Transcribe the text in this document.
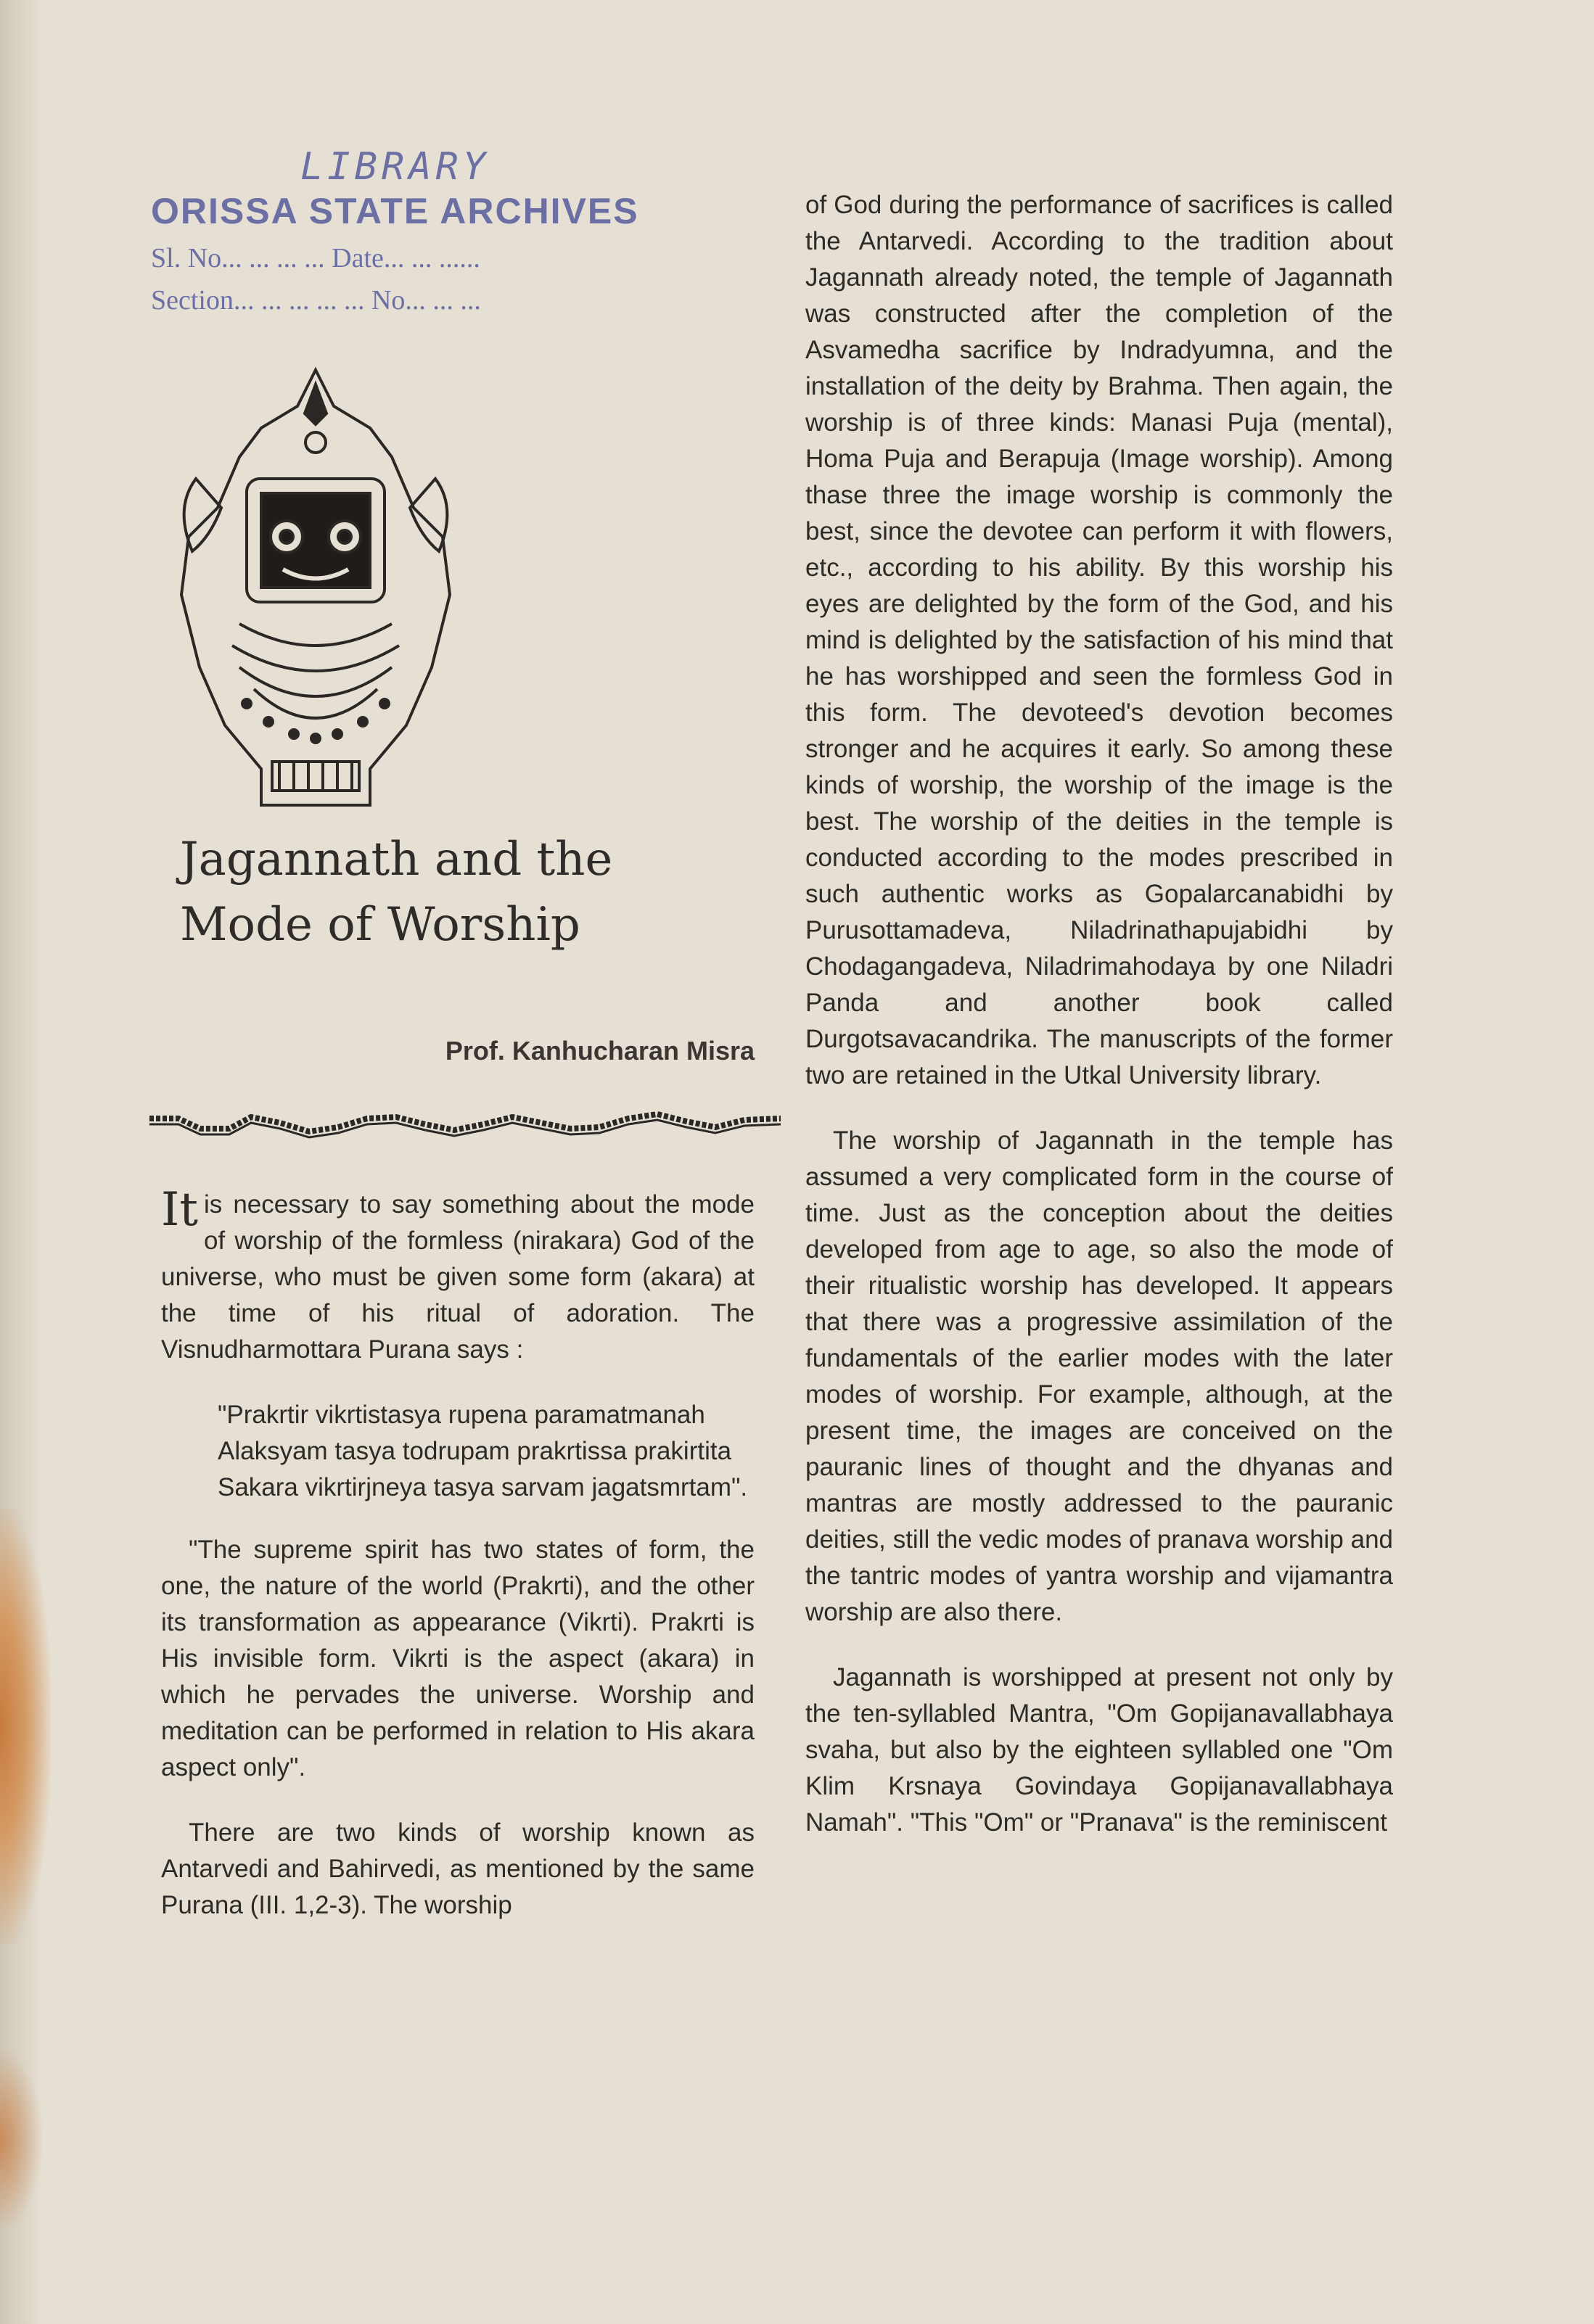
LIBRARY
ORISSA STATE ARCHIVES
Sl. No... ... ... ... Date... ... ......
Section... ... ... ... ... No... ... ...
Jagannath and the
Mode of Worship
Prof. Kanhucharan Misra

It is necessary to say something about the mode of worship of the formless (nirakara) God of the universe, who must be given some form (akara) at the time of his ritual of adoration. The Visnudharmottara Purana says :

"Prakrtir vikrtistasya rupena paramatmanah
Alaksyam tasya todrupam prakrtissa prakirtita
Sakara vikrtirjneya tasya sarvam jagatsmrtam".

"The supreme spirit has two states of form, the one, the nature of the world (Prakrti), and the other its transformation as appearance (Vikrti). Prakrti is His invisible form. Vikrti is the aspect (akara) in which he pervades the universe. Worship and meditation can be performed in relation to His akara aspect only".

There are two kinds of worship known as Antarvedi and Bahirvedi, as mentioned by the same Purana (III. 1,2-3). The worship

of God during the performance of sacrifices is called the Antarvedi. According to the tradition about Jagannath already noted, the temple of Jagannath was constructed after the completion of the Asvamedha sacrifice by Indradyumna, and the installation of the deity by Brahma. Then again, the worship is of three kinds: Manasi Puja (mental), Homa Puja and Berapuja (Image worship). Among thase three the image worship is commonly the best, since the devotee can perform it with flowers, etc., according to his ability. By this worship his eyes are delighted by the form of the God, and his mind is delighted by the satisfaction of his mind that he has worshipped and seen the formless God in this form. The devoteed's devotion becomes stronger and he acquires it early. So among these kinds of worship, the worship of the image is the best. The worship of the deities in the temple is conducted according to the modes prescribed in such authentic works as Gopalarcanabidhi by Purusottamadeva, Niladrinathapujabidhi by Chodagangadeva, Niladrimahodaya by one Niladri Panda and another book called Durgotsavacandrika. The manuscripts of the former two are retained in the Utkal University library.

The worship of Jagannath in the temple has assumed a very complicated form in the course of time. Just as the conception about the deities developed from age to age, so also the mode of their ritualistic worship has developed. It appears that there was a progressive assimilation of the fundamentals of the earlier modes with the later modes of worship. For example, although, at the present time, the images are conceived on the pauranic lines of thought and the dhyanas and mantras are mostly addressed to the pauranic deities, still the vedic modes of pranava worship and the tantric modes of yantra worship and vijamantra worship are also there.

Jagannath is worshipped at present not only by the ten-syllabled Mantra, "Om Gopijanavallabhaya svaha, but also by the eighteen syllabled one "Om Klim Krsnaya Govindaya Gopijanavallabhaya Namah". "This "Om" or "Pranava" is the reminiscent
